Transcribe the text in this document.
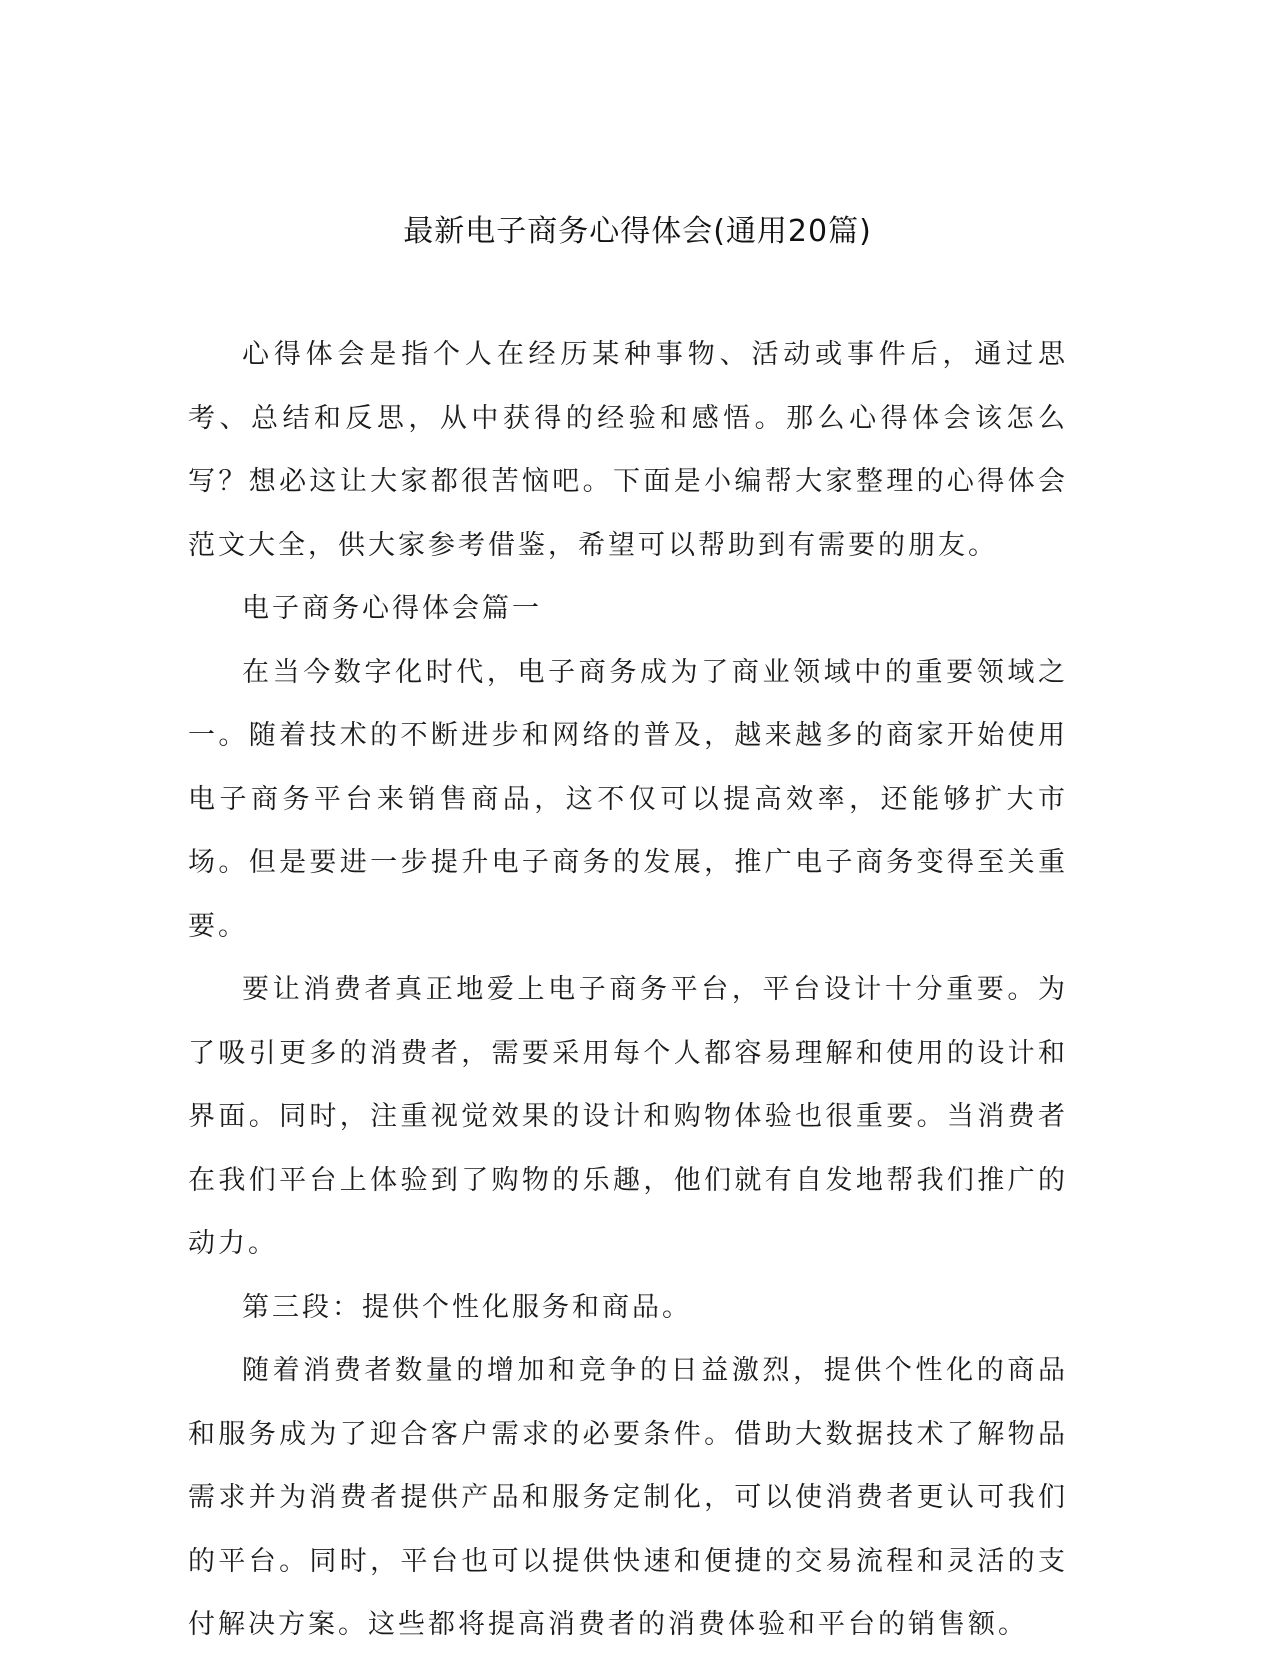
最新电子商务心得体会(通用20篇)

心得体会是指个人在经历某种事物、活动或事件后，通过思考、总结和反思，从中获得的经验和感悟。那么心得体会该怎么写？想必这让大家都很苦恼吧。下面是小编帮大家整理的心得体会范文大全，供大家参考借鉴，希望可以帮助到有需要的朋友。

电子商务心得体会篇一

在当今数字化时代，电子商务成为了商业领域中的重要领域之一。随着技术的不断进步和网络的普及，越来越多的商家开始使用电子商务平台来销售商品，这不仅可以提高效率，还能够扩大市场。但是要进一步提升电子商务的发展，推广电子商务变得至关重要。

要让消费者真正地爱上电子商务平台，平台设计十分重要。为了吸引更多的消费者，需要采用每个人都容易理解和使用的设计和界面。同时，注重视觉效果的设计和购物体验也很重要。当消费者在我们平台上体验到了购物的乐趣，他们就有自发地帮我们推广的动力。

第三段：提供个性化服务和商品。

随着消费者数量的增加和竞争的日益激烈，提供个性化的商品和服务成为了迎合客户需求的必要条件。借助大数据技术了解物品需求并为消费者提供产品和服务定制化，可以使消费者更认可我们的平台。同时，平台也可以提供快速和便捷的交易流程和灵活的支付解决方案。这些都将提高消费者的消费体验和平台的销售额。
